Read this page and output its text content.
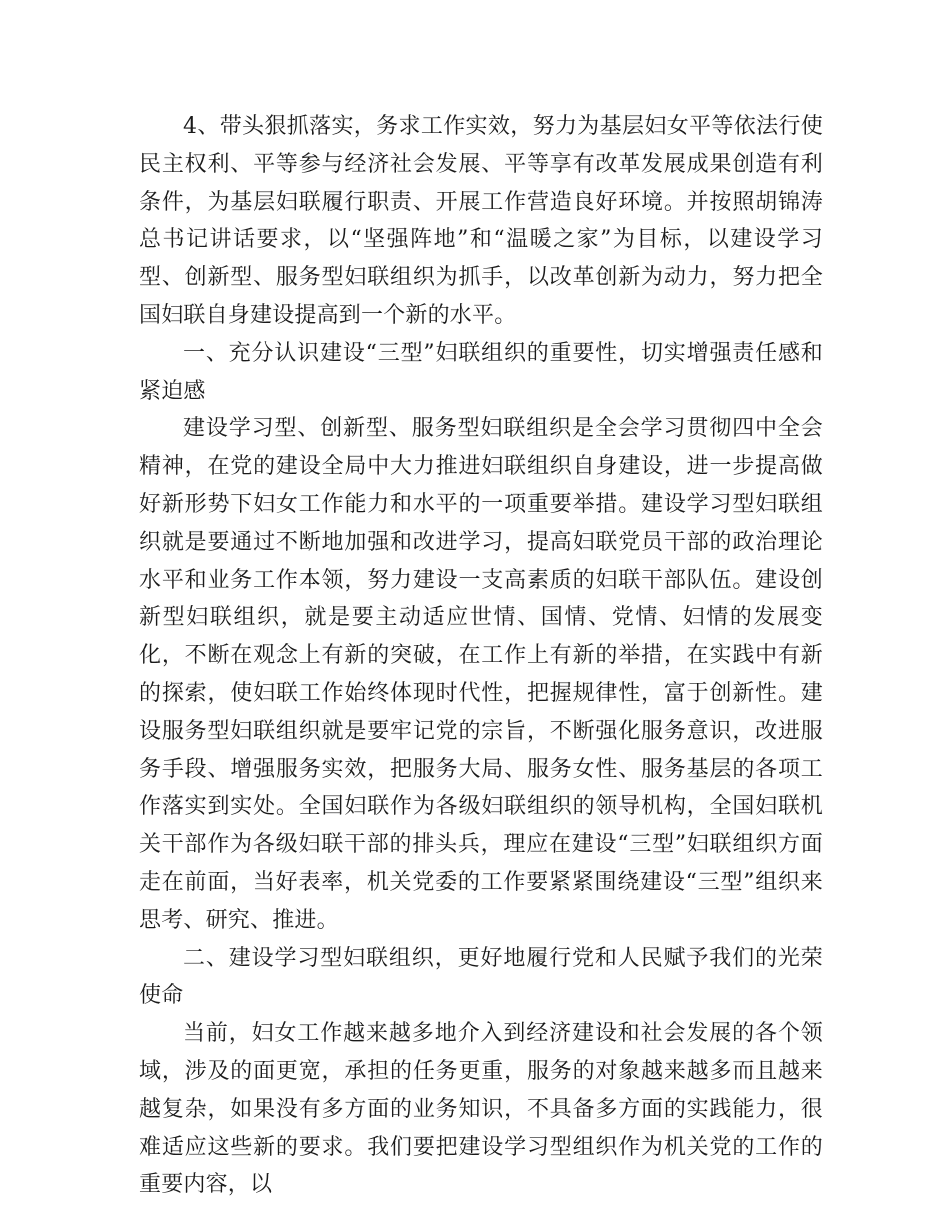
4、带头狠抓落实，务求工作实效，努力为基层妇女平等依法行使民主权利、平等参与经济社会发展、平等享有改革发展成果创造有利条件，为基层妇联履行职责、开展工作营造良好环境。并按照胡锦涛总书记讲话要求，以“坚强阵地”和“温暖之家”为目标，以建设学习型、创新型、服务型妇联组织为抓手，以改革创新为动力，努力把全国妇联自身建设提高到一个新的水平。

一、充分认识建设“三型”妇联组织的重要性，切实增强责任感和紧迫感

建设学习型、创新型、服务型妇联组织是全会学习贯彻四中全会精神，在党的建设全局中大力推进妇联组织自身建设，进一步提高做好新形势下妇女工作能力和水平的一项重要举措。建设学习型妇联组织就是要通过不断地加强和改进学习，提高妇联党员干部的政治理论水平和业务工作本领，努力建设一支高素质的妇联干部队伍。建设创新型妇联组织，就是要主动适应世情、国情、党情、妇情的发展变化，不断在观念上有新的突破，在工作上有新的举措，在实践中有新的探索，使妇联工作始终体现时代性，把握规律性，富于创新性。建设服务型妇联组织就是要牢记党的宗旨，不断强化服务意识，改进服务手段、增强服务实效，把服务大局、服务女性、服务基层的各项工作落实到实处。全国妇联作为各级妇联组织的领导机构，全国妇联机关干部作为各级妇联干部的排头兵，理应在建设“三型”妇联组织方面走在前面，当好表率，机关党委的工作要紧紧围绕建设“三型”组织来思考、研究、推进。

二、建设学习型妇联组织，更好地履行党和人民赋予我们的光荣使命

当前，妇女工作越来越多地介入到经济建设和社会发展的各个领域，涉及的面更宽，承担的任务更重，服务的对象越来越多而且越来越复杂，如果没有多方面的业务知识，不具备多方面的实践能力，很难适应这些新的要求。我们要把建设学习型组织作为机关党的工作的重要内容，以
